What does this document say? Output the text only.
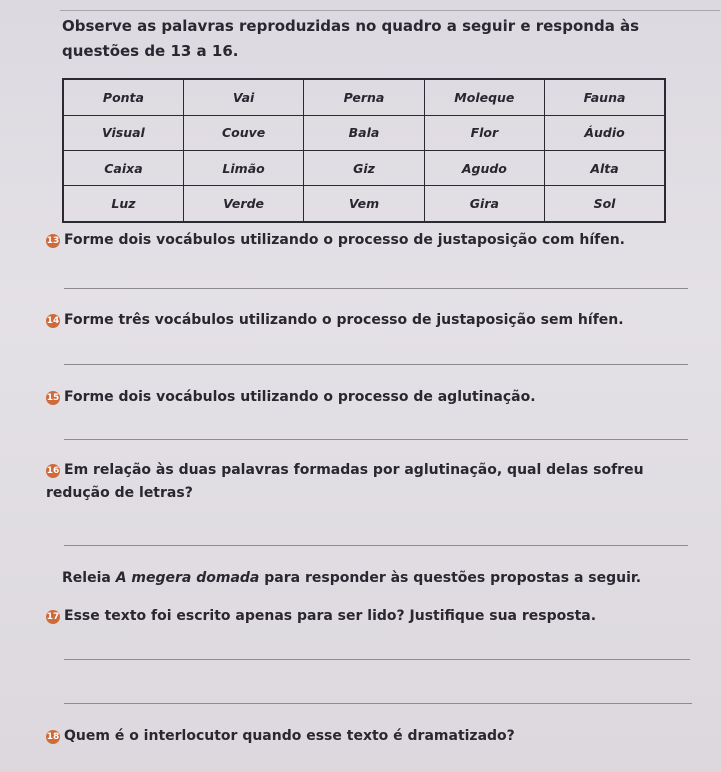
Observe as palavras reproduzidas no quadro a seguir e responda às questões de 13 a 16.
Ponta	Vai	Perna	Moleque	Fauna
Visual	Couve	Bala	Flor	Áudio
Caixa	Limão	Giz	Agudo	Alta
Luz	Verde	Vem	Gira	Sol
13 Forme dois vocábulos utilizando o processo de justaposição com hífen.
14 Forme três vocábulos utilizando o processo de justaposição sem hífen.
15 Forme dois vocábulos utilizando o processo de aglutinação.
16 Em relação às duas palavras formadas por aglutinação, qual delas sofreu redução de letras?
Releia A megera domada para responder às questões propostas a seguir.
17 Esse texto foi escrito apenas para ser lido? Justifique sua resposta.
18 Quem é o interlocutor quando esse texto é dramatizado?
